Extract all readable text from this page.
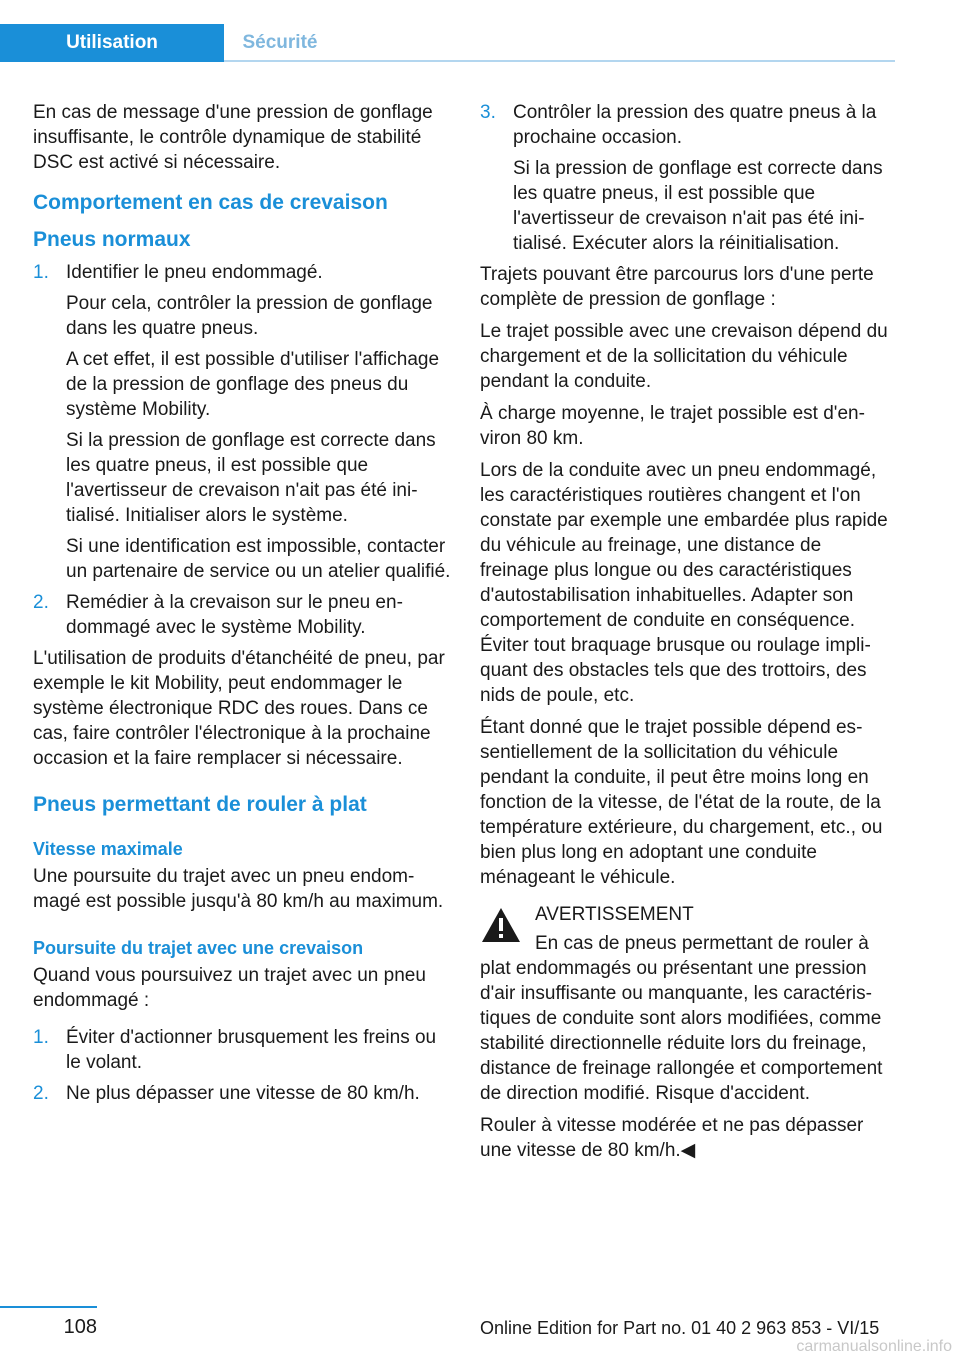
Utilisation	Sécurité

En cas de message d'une pression de gonflage insuffisante, le contrôle dynamique de stabilité DSC est activé si nécessaire.

Comportement en cas de crevaison
Pneus normaux
1. Identifier le pneu endommagé.

Pour cela, contrôler la pression de gonflage dans les quatre pneus.

A cet effet, il est possible d'utiliser l'affichage de la pression de gonflage des pneus du système Mobility.

Si la pression de gonflage est correcte dans les quatre pneus, il est possible que l'avertisseur de crevaison n'ait pas été initialisé. Initialiser alors le système.

Si une identification est impossible, contacter un partenaire de service ou un atelier qualifié.

2. Remédier à la crevaison sur le pneu endommagé avec le système Mobility.

L'utilisation de produits d'étanchéité de pneu, par exemple le kit Mobility, peut endommager le système électronique RDC des roues. Dans ce cas, faire contrôler l'électronique à la prochaine occasion et la faire remplacer si nécessaire.

Pneus permettant de rouler à plat
Vitesse maximale

Une poursuite du trajet avec un pneu endommagé est possible jusqu'à 80 km/h au maximum.

Poursuite du trajet avec une crevaison

Quand vous poursuivez un trajet avec un pneu endommagé :

1. Éviter d'actionner brusquement les freins ou le volant.

2. Ne plus dépasser une vitesse de 80 km/h.

3. Contrôler la pression des quatre pneus à la prochaine occasion.

Si la pression de gonflage est correcte dans les quatre pneus, il est possible que l'avertisseur de crevaison n'ait pas été initialisé. Exécuter alors la réinitialisation.

Trajets pouvant être parcourus lors d'une perte complète de pression de gonflage :

Le trajet possible avec une crevaison dépend du chargement et de la sollicitation du véhicule pendant la conduite.

À charge moyenne, le trajet possible est d'environ 80 km.

Lors de la conduite avec un pneu endommagé, les caractéristiques routières changent et l'on constate par exemple une embardée plus rapide du véhicule au freinage, une distance de freinage plus longue ou des caractéristiques d'autostabilisation inhabituelles. Adapter son comportement de conduite en conséquence. Éviter tout braquage brusque ou roulage impliquant des obstacles tels que des trottoirs, des nids de poule, etc.

Étant donné que le trajet possible dépend essentiellement de la sollicitation du véhicule pendant la conduite, il peut être moins long en fonction de la vitesse, de l'état de la route, de la température extérieure, du chargement, etc., ou bien plus long en adoptant une conduite ménageant le véhicule.

AVERTISSEMENT

En cas de pneus permettant de rouler à plat endommagés ou présentant une pression d'air insuffisante ou manquante, les caractéristiques de conduite sont alors modifiées, comme stabilité directionnelle réduite lors du freinage, distance de freinage rallongée et comportement de direction modifié. Risque d'accident.

Rouler à vitesse modérée et ne pas dépasser une vitesse de 80 km/h.◀

108	Online Edition for Part no. 01 40 2 963 853 - VI/15
carmanualsonline.info
